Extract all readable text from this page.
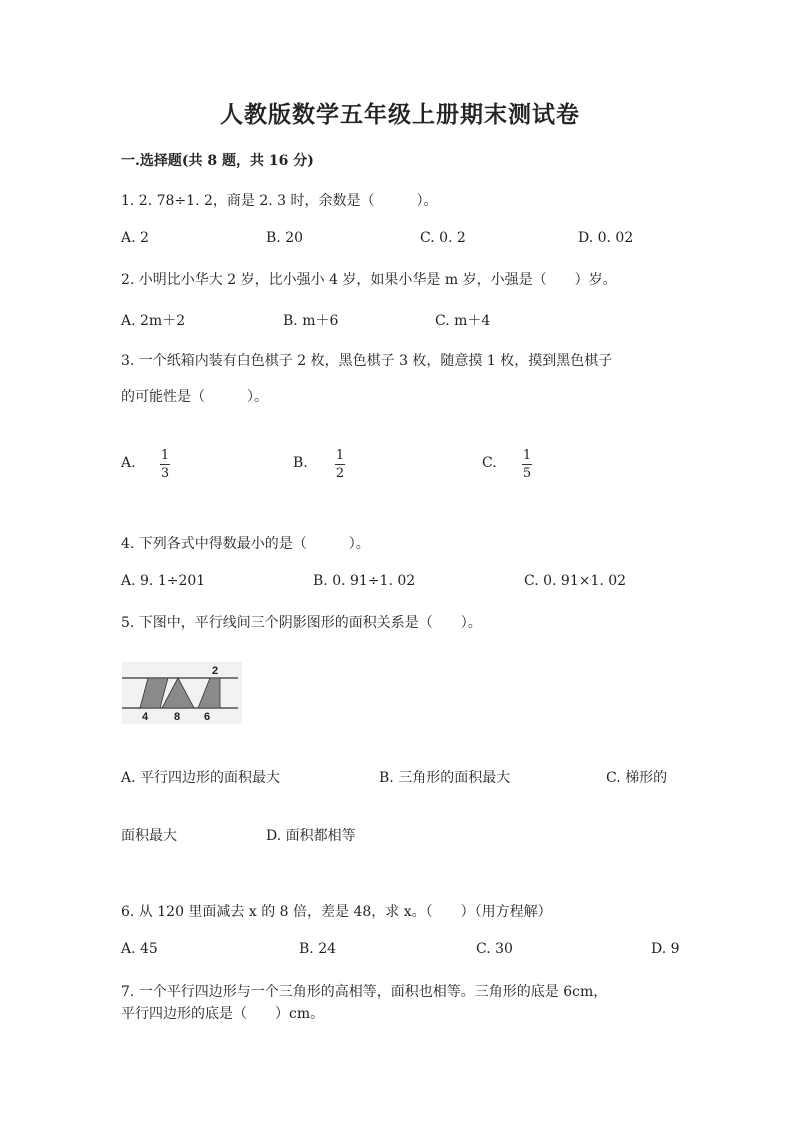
人教版数学五年级上册期末测试卷
一.选择题(共 8 题，共 16 分)
1. 2. 78÷1. 2，商是 2. 3 时，余数是（　　　）。
A. 2	B. 20	C. 0. 2	D. 0. 02
2. 小明比小华大 2 岁，比小强小 4 岁，如果小华是 m 岁，小强是（　　）岁。
A. 2m＋2	B. m＋6	C. m＋4
3. 一个纸箱内装有白色棋子 2 枚，黑色棋子 3 枚，随意摸 1 枚，摸到黑色棋子
的可能性是（　　　）。
A. 1
3
B. 1
2
C. 1
5
4. 下列各式中得数最小的是（　　　）。
A. 9. 1÷201	B. 0. 91÷1. 02	C. 0. 91×1. 02
5. 下图中，平行线间三个阴影图形的面积关系是（　　）。
2
4 8 6
A. 平行四边形的面积最大	B. 三角形的面积最大	C. 梯形的
面积最大	D. 面积都相等
6. 从 120 里面减去 x 的 8 倍，差是 48，求 x。（　　）（用方程解）
A. 45	B. 24	C. 30	D. 9
7. 一个平行四边形与一个三角形的高相等，面积也相等。三角形的底是 6cm，
平行四边形的底是（　　）cm。
